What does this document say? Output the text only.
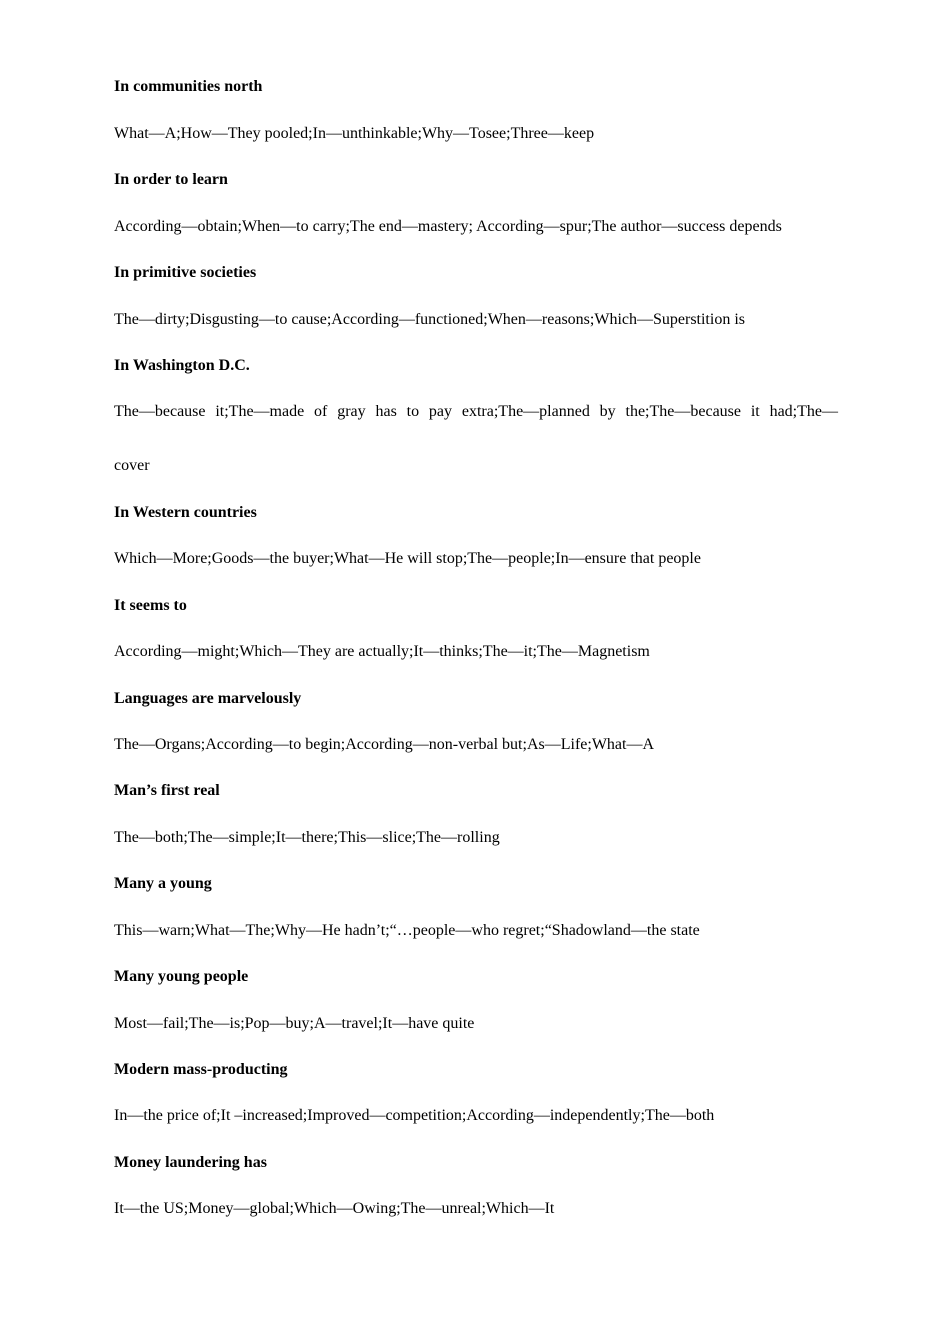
In communities north
What—A;How—They pooled;In—unthinkable;Why—Tosee;Three—keep
In order to learn
According—obtain;When—to carry;The end—mastery; According—spur;The author—success depends
In primitive societies
The—dirty;Disgusting—to cause;According—functioned;When—reasons;Which—Superstition is
In Washington D.C.
The—because it;The—made of gray has to pay extra;The—planned by the;The—because it had;The—
cover
In Western countries
Which—More;Goods—the buyer;What—He will stop;The—people;In—ensure that people
It seems to
According—might;Which—They are actually;It—thinks;The—it;The—Magnetism
Languages are marvelously
The—Organs;According—to begin;According—non-verbal but;As—Life;What—A
Man’s first real
The—both;The—simple;It—there;This—slice;The—rolling
Many a young
This—warn;What—The;Why—He hadn’t;“…people—who regret;“Shadowland—the state
Many young people
Most—fail;The—is;Pop—buy;A—travel;It—have quite
Modern mass-producting
In—the price of;It –increased;Improved—competition;According—independently;The—both
Money laundering has
It—the US;Money—global;Which—Owing;The—unreal;Which—It
